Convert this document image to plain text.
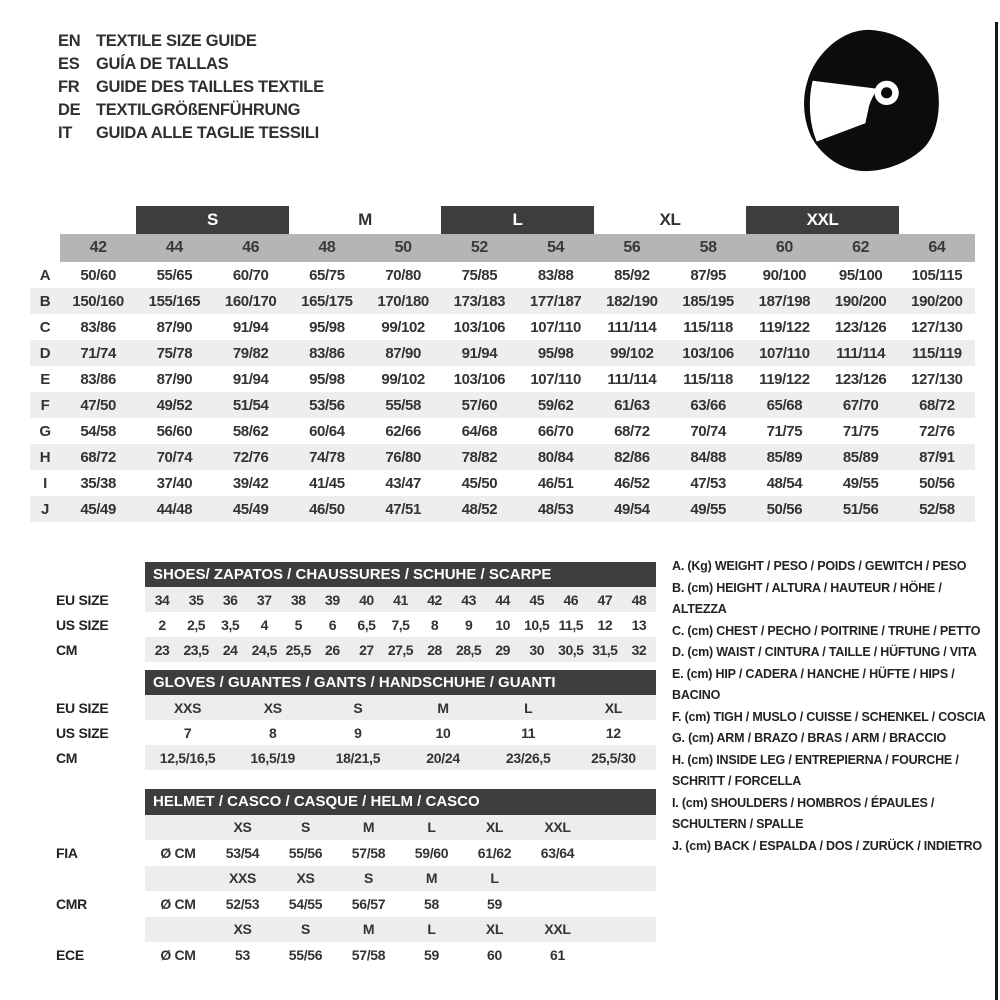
EN TEXTILE SIZE GUIDE
ES	GUÍA DE TALLAS
FR	GUIDE DES TAILLES TEXTILE
DE TEXTILGRÖßENFÜHRUNG
IT	GUIDA ALLE TAGLIE TESSILI
		S		M		L		XL		XXL		
	42	44	46	48	50	52	54	56	58	60	62	64
A	50/60	55/65	60/70	65/75	70/80	75/85	83/88	85/92	87/95	90/100	95/100	105/115
B	150/160	155/165	160/170	165/175	170/180	173/183	177/187	182/190	185/195	187/198	190/200	190/200
C	83/86	87/90	91/94	95/98	99/102	103/106	107/110	111/114	115/118	119/122	123/126	127/130
D	71/74	75/78	79/82	83/86	87/90	91/94	95/98	99/102	103/106	107/110	111/114	115/119
E	83/86	87/90	91/94	95/98	99/102	103/106	107/110	111/114	115/118	119/122	123/126	127/130
F	47/50	49/52	51/54	53/56	55/58	57/60	59/62	61/63	63/66	65/68	67/70	68/72
G	54/58	56/60	58/62	60/64	62/66	64/68	66/70	68/72	70/74	71/75	71/75	72/76
H	68/72	70/74	72/76	74/78	76/80	78/82	80/84	82/86	84/88	85/89	85/89	87/91
I	35/38	37/40	39/42	41/45	43/47	45/50	46/51	46/52	47/53	48/54	49/55	50/56
J	45/49	44/48	45/49	46/50	47/51	48/52	48/53	49/54	49/55	50/56	51/56	52/58
	SHOES/ ZAPATOS / CHAUSSURES / SCHUHE / SCARPE														
EU SIZE	34	35	36	37	38	39	40	41	42	43	44	45	46	47	48
US SIZE	2	2,5	3,5	4	5	6	6,5	7,5	8	9	10	10,5	11,5	12	13
CM	23	23,5	24	24,5	25,5	26	27	27,5	28	28,5	29	30	30,5	31,5	32
	GLOVES / GUANTES / GANTS / HANDSCHUHE / GUANTI					
EU SIZE	XXS	XS	S	M	L	XL
US SIZE	7	8	9	10	11	12
CM	12,5/16,5	16,5/19	18/21,5	20/24	23/26,5	25,5/30
	HELMET / CASCO / CASQUE / HELM / CASCO							
		XS	S	M	L	XL	XXL	
FIA	Ø CM	53/54	55/56	57/58	59/60	61/62	63/64	
		XXS	XS	S	M	L		
CMR	Ø CM	52/53	54/55	56/57	58	59		
		XS	S	M	L	XL	XXL	
ECE	Ø CM	53	55/56	57/58	59	60	61	
A. (Kg) WEIGHT / PESO / POIDS / GEWITCH / PESO
B. (cm) HEIGHT / ALTURA / HAUTEUR / HÖHE / ALTEZZA
C. (cm) CHEST / PECHO / POITRINE / TRUHE / PETTO
D. (cm) WAIST / CINTURA / TAILLE / HÜFTUNG / VITA
E. (cm) HIP / CADERA / HANCHE / HÜFTE / HIPS / BACINO
F. (cm) TIGH / MUSLO / CUISSE / SCHENKEL / COSCIA
G. (cm) ARM / BRAZO / BRAS / ARM / BRACCIO
H. (cm) INSIDE LEG / ENTREPIERNA / FOURCHE / SCHRITT / FORCELLA
I. (cm) SHOULDERS / HOMBROS / ÉPAULES / SCHULTERN / SPALLE
J. (cm) BACK / ESPALDA / DOS / ZURÜCK / INDIETRO
